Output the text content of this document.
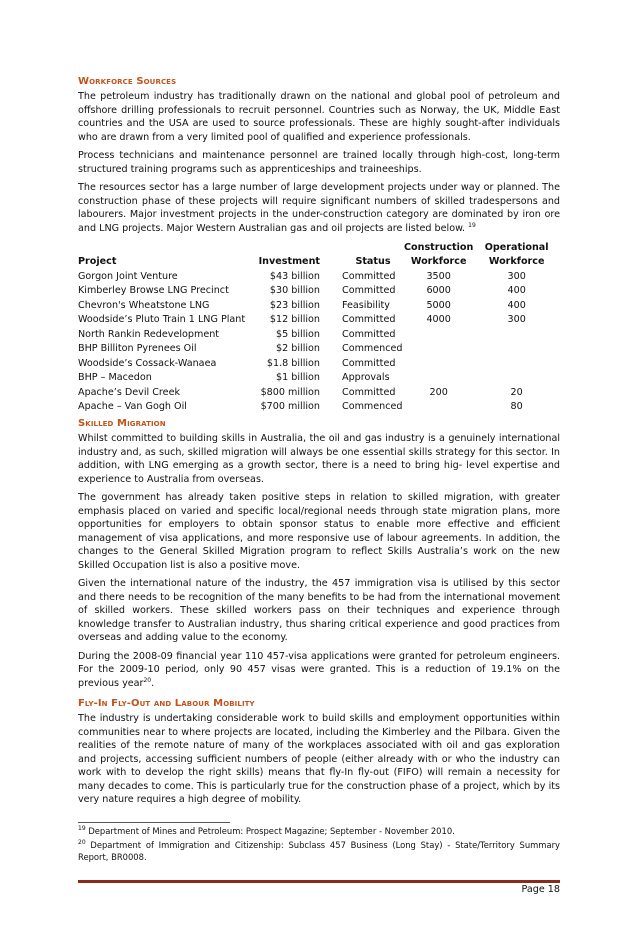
Workforce Sources

The petroleum industry has traditionally drawn on the national and global pool of petroleum and offshore drilling professionals to recruit personnel. Countries such as Norway, the UK, Middle East countries and the USA are used to source professionals. These are highly sought-after individuals who are drawn from a very limited pool of qualified and experience professionals.

Process technicians and maintenance personnel are trained locally through high-cost, long-term structured training programs such as apprenticeships and traineeships.

The resources sector has a large number of large development projects under way or planned. The construction phase of these projects will require significant numbers of skilled tradespersons and labourers. Major investment projects in the under-construction category are dominated by iron ore and LNG projects. Major Western Australian gas and oil projects are listed below. $^{19}$

			Construction	Operational
Project	Investment	Status	Workforce	Workforce
Gorgon Joint Venture	$43 billion	Committed	3500	300
Kimberley Browse LNG Precinct	$30 billion	Committed	6000	400
Chevron's Wheatstone LNG	$23 billion	Feasibility	5000	400
Woodside’s Pluto Train 1 LNG Plant	$12 billion	Committed	4000	300
North Rankin Redevelopment	$5 billion	Committed		
BHP Billiton Pyrenees Oil	$2 billion	Commenced		
Woodside’s Cossack-Wanaea	$1.8 billion	Committed		
BHP – Macedon	$1 billion	Approvals		
Apache’s Devil Creek	$800 million	Committed	200	20
Apache – Van Gogh Oil	$700 million	Commenced		80
Skilled Migration

Whilst committed to building skills in Australia, the oil and gas industry is a genuinely international industry and, as such, skilled migration will always be one essential skills strategy for this sector. In addition, with LNG emerging as a growth sector, there is a need to bring hig- level expertise and experience to Australia from overseas.

The government has already taken positive steps in relation to skilled migration, with greater emphasis placed on varied and specific local/regional needs through state migration plans, more opportunities for employers to obtain sponsor status to enable more effective and efficient management of visa applications, and more responsive use of labour agreements. In addition, the changes to the General Skilled Migration program to reflect Skills Australia’s work on the new Skilled Occupation list is also a positive move.

Given the international nature of the industry, the 457 immigration visa is utilised by this sector and there needs to be recognition of the many benefits to be had from the international movement of skilled workers. These skilled workers pass on their techniques and experience through knowledge transfer to Australian industry, thus sharing critical experience and good practices from overseas and adding value to the economy.

During the 2008-09 financial year 110 457-visa applications were granted for petroleum engineers. For the 2009-10 period, only 90 457 visas were granted. This is a reduction of 19.1% on the previous year$^{20}$.

Fly-In Fly-Out and Labour Mobility

The industry is undertaking considerable work to build skills and employment opportunities within communities near to where projects are located, including the Kimberley and the Pilbara. Given the realities of the remote nature of many of the workplaces associated with oil and gas exploration and projects, accessing sufficient numbers of people (either already with or who the industry can work with to develop the right skills) means that fly-In fly-out (FIFO) will remain a necessity for many decades to come. This is particularly true for the construction phase of a project, which by its very nature requires a high degree of mobility.

$^{19}$ Department of Mines and Petroleum: Prospect Magazine; September - November 2010.
$^{20}$ Department of Immigration and Citizenship: Subclass 457 Business (Long Stay) - State/Territory Summary Report, BR0008.
Page 18
